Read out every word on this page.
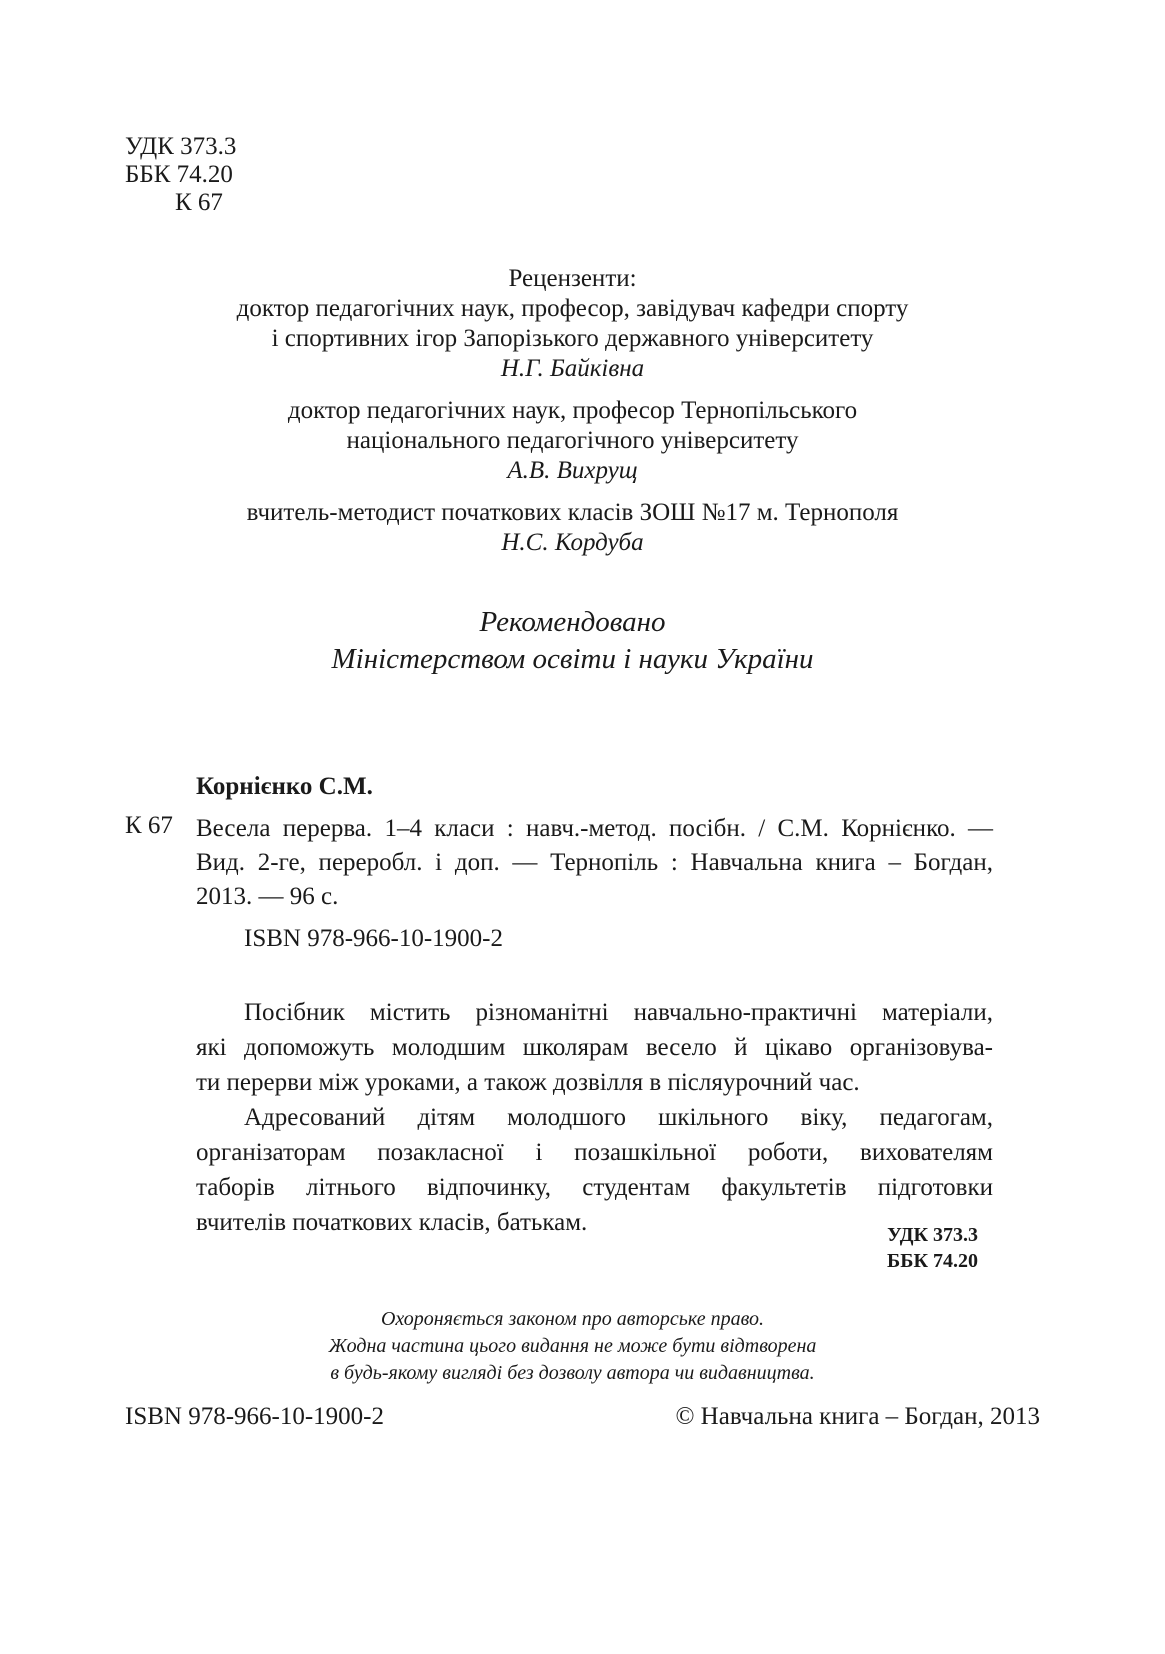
УДК 373.3
ББК 74.20
К 67
Рецензенти:
доктор педагогічних наук, професор, завідувач кафедри спорту
і спортивних ігор Запорізького державного університету
Н.Г. Байківна
доктор педагогічних наук, професор Тернопільського
національного педагогічного університету
А.В. Вихрущ
вчитель-методист початкових класів ЗОШ №17 м. Тернополя
Н.С. Кордуба
Рекомендовано
Міністерством освіти і науки України
Корнієнко С.М.
К 67 Весела перерва. 1–4 класи : навч.-метод. посібн. / С.М. Корнієнко. —
Вид. 2-ге, переробл. і доп. — Тернопіль : Навчальна книга – Богдан,
2013. — 96 с.
ISBN 978-966-10-1900-2
Посібник містить різноманітні навчально-практичні матеріали,
які допоможуть молодшим школярам весело й цікаво організовува-
ти перерви між уроками, а також дозвілля в післяурочний час.
Адресований дітям молодшого шкільного віку, педагогам,
організаторам позакласної і позашкільної роботи, вихователям
таборів літнього відпочинку, студентам факультетів підготовки
вчителів початкових класів, батькам.	УДК 373.3
ББК 74.20
Охороняється законом про авторське право.
Жодна частина цього видання не може бути відтворена
в будь-якому вигляді без дозволу автора чи видавництва.
ISBN 978-966-10-1900-2	© Навчальна книга – Богдан, 2013
